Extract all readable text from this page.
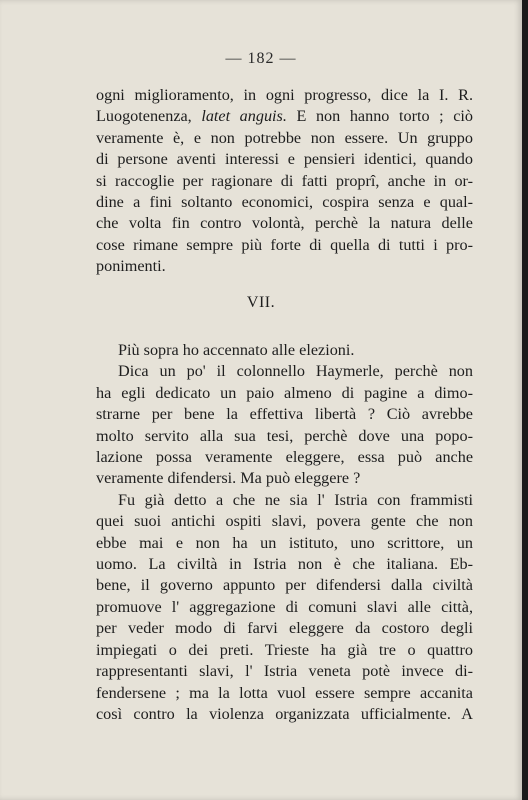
— 182 —
ogni miglioramento, in ogni progresso, dice la I. R.
Luogotenenza, latet anguis. E non hanno torto ; ciò
veramente è, e non potrebbe non essere. Un gruppo
di persone aventi interessi e pensieri identici, quando
si raccoglie per ragionare di fatti proprî, anche in or-
dine a fini soltanto economici, cospira senza e qual-
che volta fin contro volontà, perchè la natura delle
cose rimane sempre più forte di quella di tutti i pro-
ponimenti.
VII.
Più sopra ho accennato alle elezioni.
Dica un po' il colonnello Haymerle, perchè non
ha egli dedicato un paio almeno di pagine a dimo-
strarne per bene la effettiva libertà ? Ciò avrebbe
molto servito alla sua tesi, perchè dove una popo-
lazione possa veramente eleggere, essa può anche
veramente difendersi. Ma può eleggere ?
Fu già detto a che ne sia l' Istria con frammisti
quei suoi antichi ospiti slavi, povera gente che non
ebbe mai e non ha un istituto, uno scrittore, un
uomo. La civiltà in Istria non è che italiana. Eb-
bene, il governo appunto per difendersi dalla civiltà
promuove l' aggregazione di comuni slavi alle città,
per veder modo di farvi eleggere da costoro degli
impiegati o dei preti. Trieste ha già tre o quattro
rappresentanti slavi, l' Istria veneta potè invece di-
fendersene ; ma la lotta vuol essere sempre accanita
così contro la violenza organizzata ufficialmente. A
